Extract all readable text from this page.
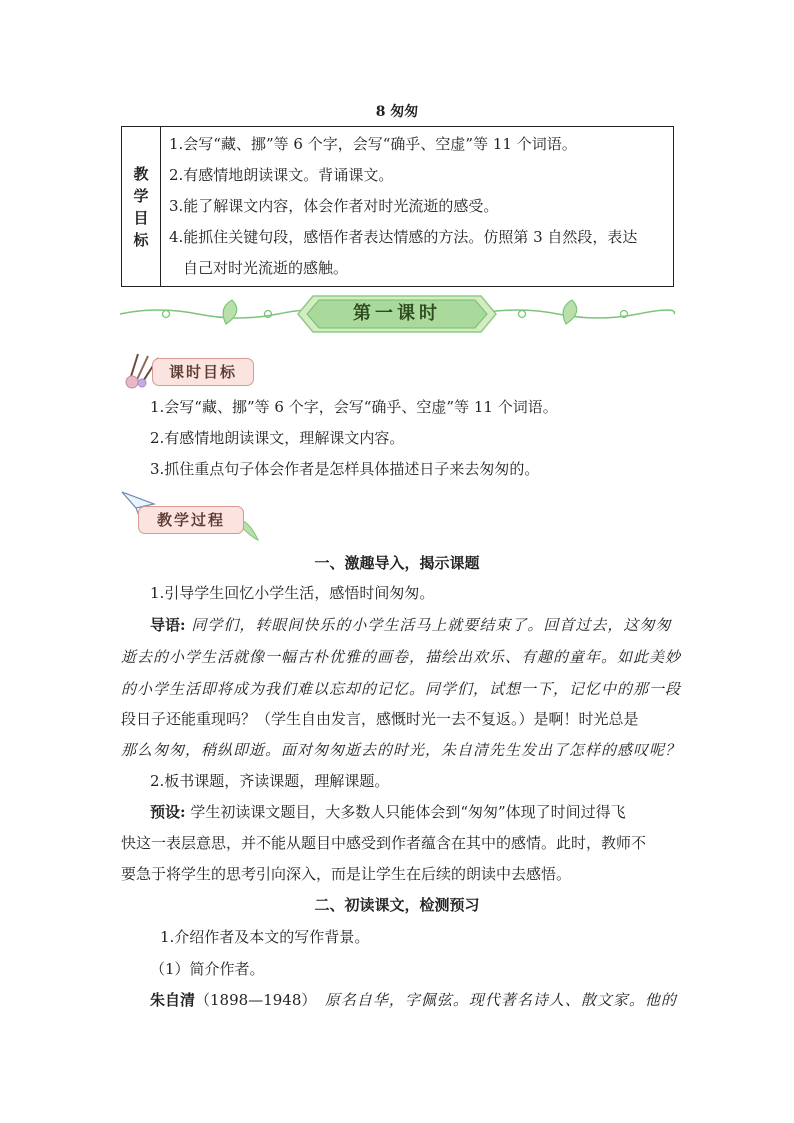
8 匆匆
教
学
目
标

1.会写“藏、挪”等 6 个字，会写“确乎、空虚”等 11 个词语。
2.有感情地朗读课文。背诵课文。
3.能了解课文内容，体会作者对时光流逝的感受。
4.能抓住关键句段，感悟作者表达情感的方法。仿照第 3 自然段，表达
自己对时光流逝的感触。
第一课时
课时目标
1.会写“藏、挪”等 6 个字，会写“确乎、空虚”等 11 个词语。
2.有感情地朗读课文，理解课文内容。
3.抓住重点句子体会作者是怎样具体描述日子来去匆匆的。
教学过程
一、激趣导入，揭示课题
1.引导学生回忆小学生活，感悟时间匆匆。
导语: 同学们，转眼间快乐的小学生活马上就要结束了。回首过去，这匆匆
逝去的小学生活就像一幅古朴优雅的画卷，描绘出欢乐、有趣的童年。如此美妙
的小学生活即将成为我们难以忘却的记忆。同学们，试想一下，记忆中的那一段
段日子还能重现吗？（学生自由发言，感慨时光一去不复返。）是啊！时光总是
那么匆匆，稍纵即逝。面对匆匆逝去的时光，朱自清先生发出了怎样的感叹呢？
2.板书课题，齐读课题，理解课题。
预设: 学生初读课文题目，大多数人只能体会到“匆匆”体现了时间过得飞
快这一表层意思，并不能从题目中感受到作者蕴含在其中的感情。此时，教师不
要急于将学生的思考引向深入，而是让学生在后续的朗读中去感悟。
二、初读课文，检测预习
1.介绍作者及本文的写作背景。
（1）简介作者。
朱自清（1898—1948）　原名自华，字佩弦。现代著名诗人、散文家。他的
